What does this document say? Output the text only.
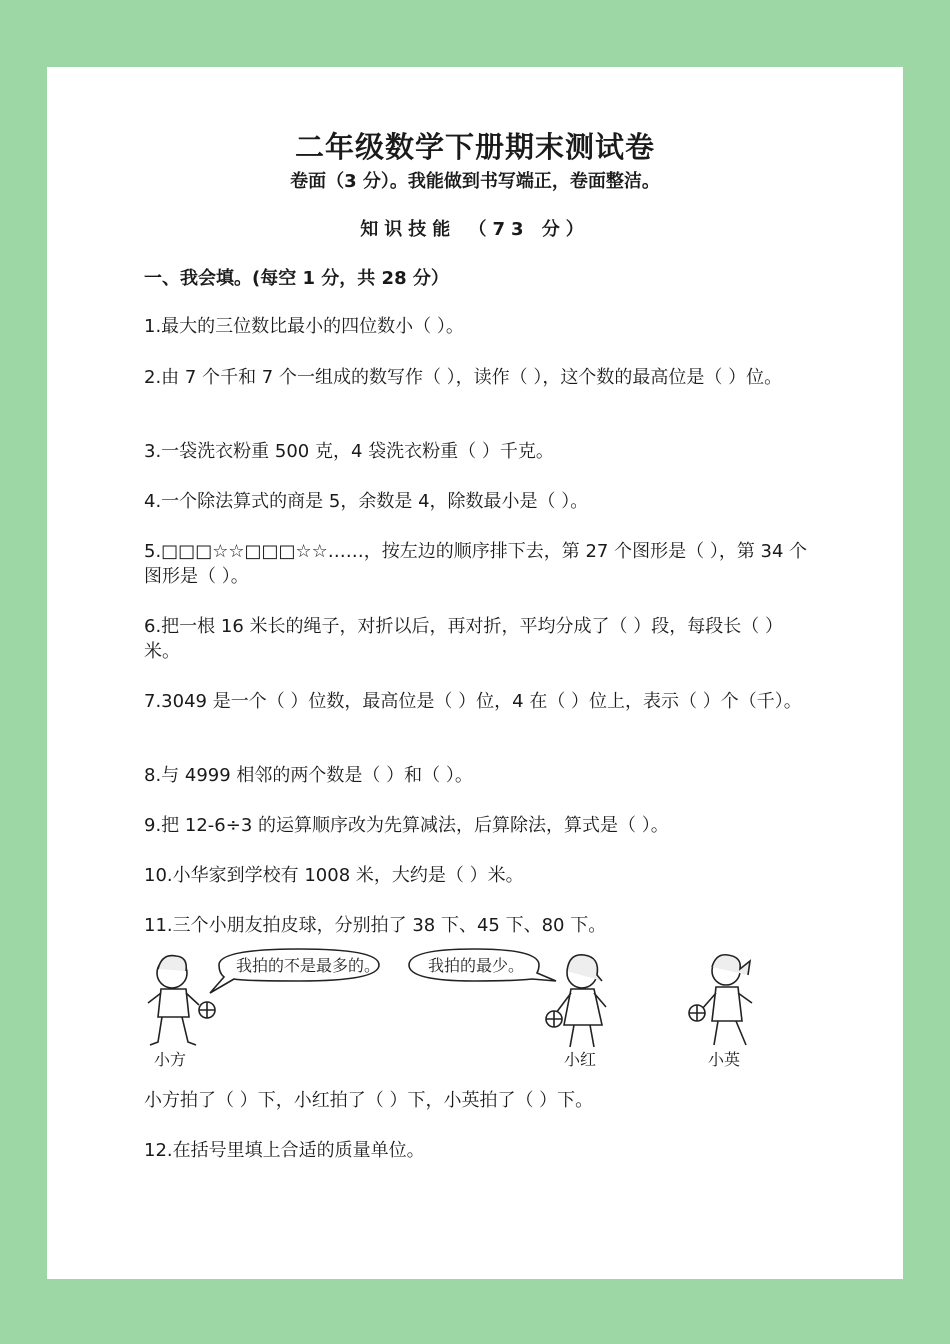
二年级数学下册期末测试卷
卷面（3 分）。我能做到书写端正，卷面整洁。
知识技能 （73 分）
一、我会填。(每空 1 分，共 28 分）
1.最大的三位数比最小的四位数小（ ）。
2.由 7 个千和 7 个一组成的数写作（ ），读作（ ），这个数的最高位是（ ）位。
3.一袋洗衣粉重 500 克，4 袋洗衣粉重（ ）千克。
4.一个除法算式的商是 5，余数是 4，除数最小是（ ）。
5.□□□☆☆□□□☆☆……，按左边的顺序排下去，第 27 个图形是（ ），第 34 个图形是（ ）。
6.把一根 16 米长的绳子，对折以后，再对折，平均分成了（ ）段，每段长（ ）米。
7.3049 是一个（ ）位数，最高位是（ ）位，4 在（ ）位上，表示（ ）个（千）。
8.与 4999 相邻的两个数是（ ）和（ ）。
9.把 12-6÷3 的运算顺序改为先算减法，后算除法，算式是（ ）。
10.小华家到学校有 1008 米，大约是（ ）米。
11.三个小朋友拍皮球，分别拍了 38 下、45 下、80 下。
我拍的不是最多的。	我拍的最少。
小方	小红	小英
小方拍了（ ）下，小红拍了（ ）下，小英拍了（ ）下。
12.在括号里填上合适的质量单位。
